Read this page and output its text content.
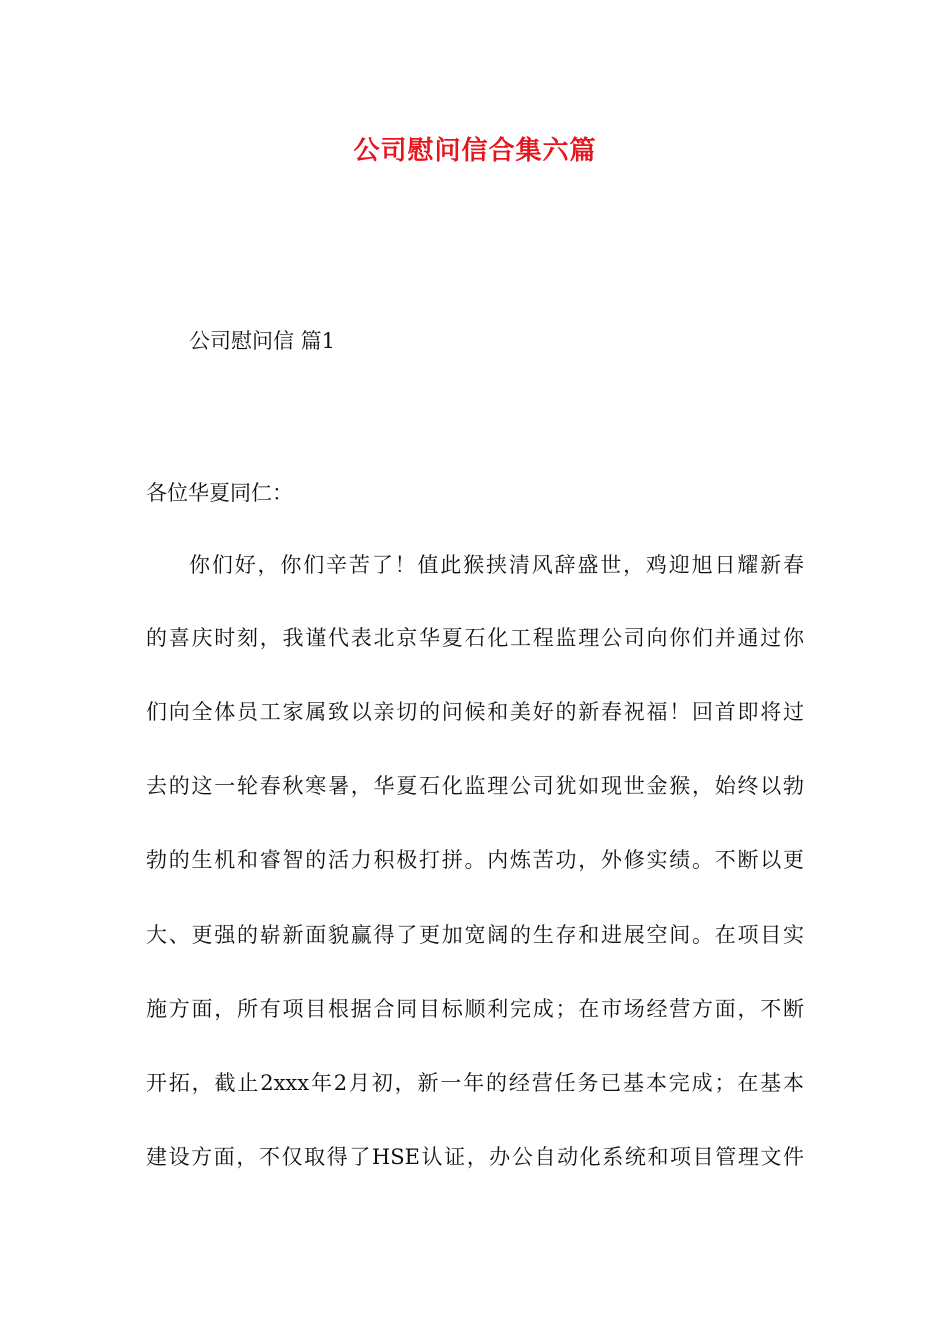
公司慰问信合集六篇
公司慰问信 篇1
各位华夏同仁：
你们好，你们辛苦了！值此猴挟清风辞盛世，鸡迎旭日耀新春
的喜庆时刻，我谨代表北京华夏石化工程监理公司向你们并通过你
们向全体员工家属致以亲切的问候和美好的新春祝福！回首即将过
去的这一轮春秋寒暑，华夏石化监理公司犹如现世金猴，始终以勃
勃的生机和睿智的活力积极打拼。内炼苦功，外修实绩。不断以更
大、更强的崭新面貌赢得了更加宽阔的生存和进展空间。在项目实
施方面，所有项目根据合同目标顺利完成；在市场经营方面，不断
开拓，截止2xxx年2月初，新一年的经营任务已基本完成；在基本
建设方面，不仅取得了HSE认证，办公自动化系统和项目管理文件
